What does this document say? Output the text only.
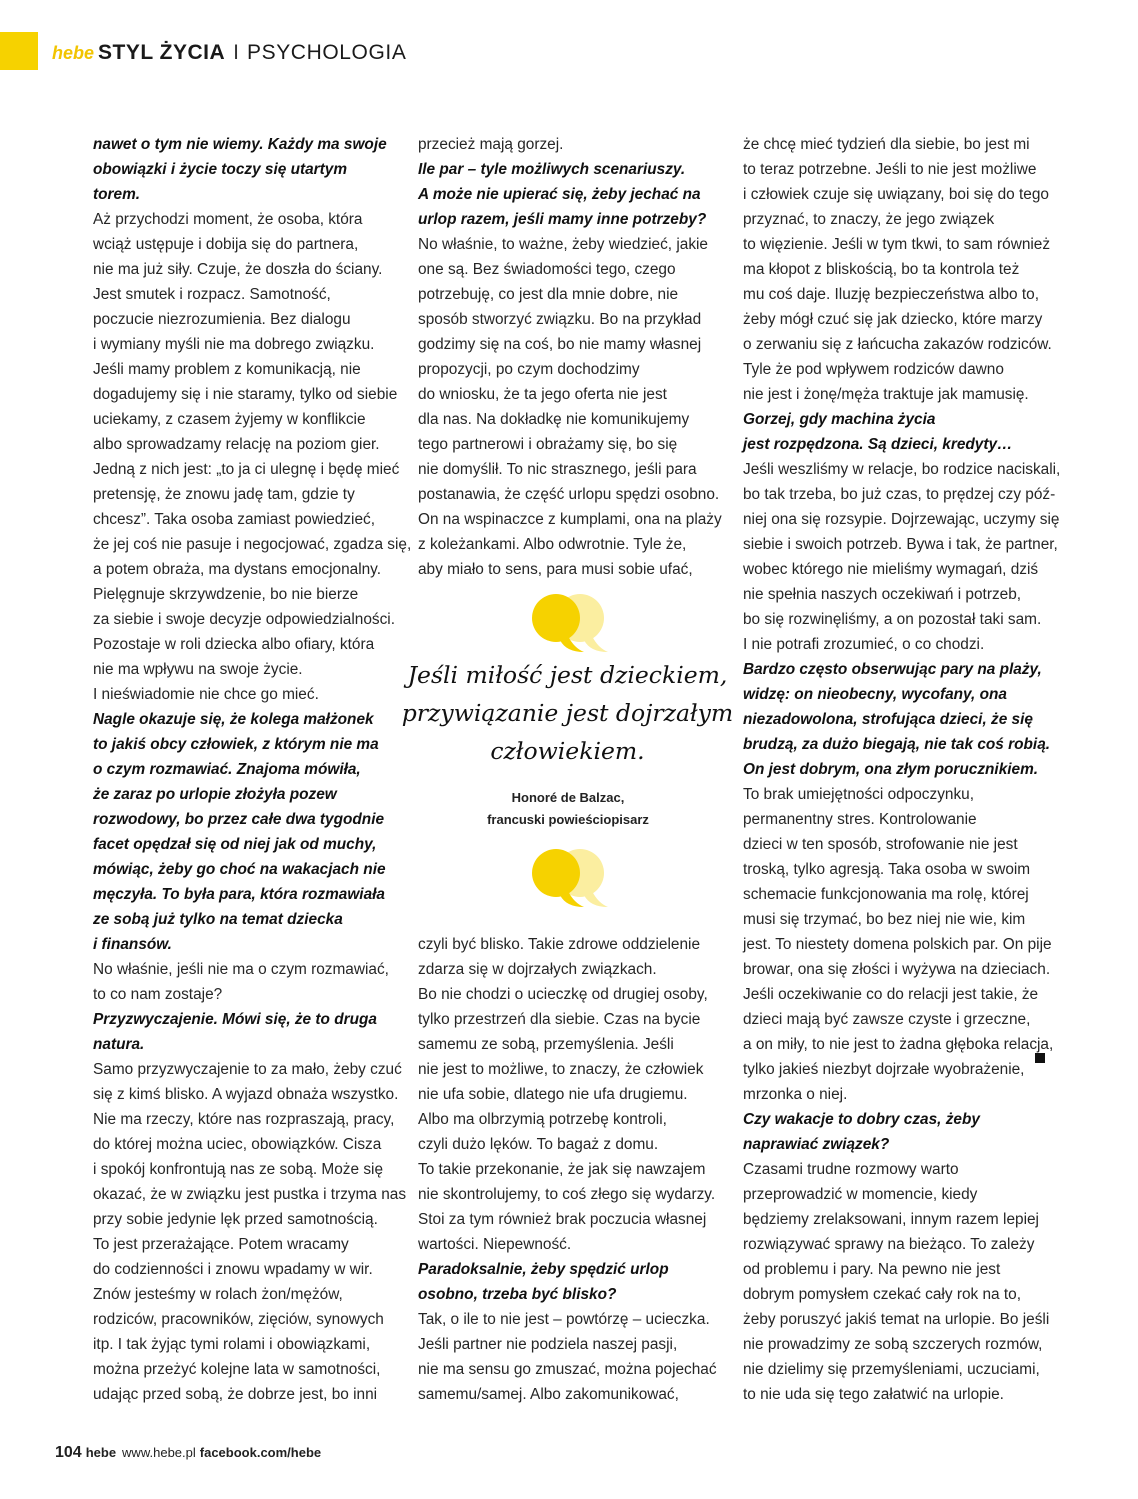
hebe STYL ŻYCIA I PSYCHOLOGIA

nawet o tym nie wiemy. Każdy ma swoje

obowiązki i życie toczy się utartym

torem.

Aż przychodzi moment, że osoba, która

wciąż ustępuje i dobija się do partnera,

nie ma już siły. Czuje, że doszła do ściany.

Jest smutek i rozpacz. Samotność,

poczucie niezrozumienia. Bez dialogu

i wymiany myśli nie ma dobrego związku.

Jeśli mamy problem z komunikacją, nie

dogadujemy się i nie staramy, tylko od siebie

uciekamy, z czasem żyjemy w konflikcie

albo sprowadzamy relację na poziom gier.

Jedną z nich jest: „to ja ci ulegnę i będę mieć

pretensję, że znowu jadę tam, gdzie ty

chcesz”. Taka osoba zamiast powiedzieć,

że jej coś nie pasuje i negocjować, zgadza się,

a potem obraża, ma dystans emocjonalny.

Pielęgnuje skrzywdzenie, bo nie bierze

za siebie i swoje decyzje odpowiedzialności.

Pozostaje w roli dziecka albo ofiary, która

nie ma wpływu na swoje życie.

I nieświadomie nie chce go mieć.

Nagle okazuje się, że kolega małżonek

to jakiś obcy człowiek, z którym nie ma

o czym rozmawiać. Znajoma mówiła,

że zaraz po urlopie złożyła pozew

rozwodowy, bo przez całe dwa tygodnie

facet opędzał się od niej jak od muchy,

mówiąc, żeby go choć na wakacjach nie

męczyła. To była para, która rozmawiała

ze sobą już tylko na temat dziecka

i finansów.

No właśnie, jeśli nie ma o czym rozmawiać,

to co nam zostaje?

Przyzwyczajenie. Mówi się, że to druga

natura.

Samo przyzwyczajenie to za mało, żeby czuć

się z kimś blisko. A wyjazd obnaża wszystko.

Nie ma rzeczy, które nas rozpraszają, pracy,

do której można uciec, obowiązków. Cisza

i spokój konfrontują nas ze sobą. Może się

okazać, że w związku jest pustka i trzyma nas

przy sobie jedynie lęk przed samotnością.

To jest przerażające. Potem wracamy

do codzienności i znowu wpadamy w wir.

Znów jesteśmy w rolach żon/mężów,

rodziców, pracowników, zięciów, synowych

itp. I tak żyjąc tymi rolami i obowiązkami,

można przeżyć kolejne lata w samotności,

udając przed sobą, że dobrze jest, bo inni

przecież mają gorzej.

Ile par – tyle możliwych scenariuszy.

A może nie upierać się, żeby jechać na

urlop razem, jeśli mamy inne potrzeby?

No właśnie, to ważne, żeby wiedzieć, jakie

one są. Bez świadomości tego, czego

potrzebuję, co jest dla mnie dobre, nie

sposób stworzyć związku. Bo na przykład

godzimy się na coś, bo nie mamy własnej

propozycji, po czym dochodzimy

do wniosku, że ta jego oferta nie jest

dla nas. Na dokładkę nie komunikujemy

tego partnerowi i obrażamy się, bo się

nie domyślił. To nic strasznego, jeśli para

postanawia, że część urlopu spędzi osobno.

On na wspinaczce z kumplami, ona na plaży

z koleżankami. Albo odwrotnie. Tyle że,

aby miało to sens, para musi sobie ufać,

Jeśli miłość jest dzieckiem,

przywiązanie jest dojrzałym

człowiekiem.

Honoré de Balzac,

francuski powieściopisarz

czyli być blisko. Takie zdrowe oddzielenie

zdarza się w dojrzałych związkach.

Bo nie chodzi o ucieczkę od drugiej osoby,

tylko przestrzeń dla siebie. Czas na bycie

samemu ze sobą, przemyślenia. Jeśli

nie jest to możliwe, to znaczy, że człowiek

nie ufa sobie, dlatego nie ufa drugiemu.

Albo ma olbrzymią potrzebę kontroli,

czyli dużo lęków. To bagaż z domu.

To takie przekonanie, że jak się nawzajem

nie skontrolujemy, to coś złego się wydarzy.

Stoi za tym również brak poczucia własnej

wartości. Niepewność.

Paradoksalnie, żeby spędzić urlop

osobno, trzeba być blisko?

Tak, o ile to nie jest – powtórzę – ucieczka.

Jeśli partner nie podziela naszej pasji,

nie ma sensu go zmuszać, można pojechać

samemu/samej. Albo zakomunikować,

że chcę mieć tydzień dla siebie, bo jest mi

to teraz potrzebne. Jeśli to nie jest możliwe

i człowiek czuje się uwiązany, boi się do tego

przyznać, to znaczy, że jego związek

to więzienie. Jeśli w tym tkwi, to sam również

ma kłopot z bliskością, bo ta kontrola też

mu coś daje. Iluzję bezpieczeństwa albo to,

żeby mógł czuć się jak dziecko, które marzy

o zerwaniu się z łańcucha zakazów rodziców.

Tyle że pod wpływem rodziców dawno

nie jest i żonę/męża traktuje jak mamusię.

Gorzej, gdy machina życia

jest rozpędzona. Są dzieci, kredyty…

Jeśli weszliśmy w relacje, bo rodzice naciskali,

bo tak trzeba, bo już czas, to prędzej czy póź-

niej ona się rozsypie. Dojrzewając, uczymy się

siebie i swoich potrzeb. Bywa i tak, że partner,

wobec którego nie mieliśmy wymagań, dziś

nie spełnia naszych oczekiwań i potrzeb,

bo się rozwinęliśmy, a on pozostał taki sam.

I nie potrafi zrozumieć, o co chodzi.

Bardzo często obserwując pary na plaży,

widzę: on nieobecny, wycofany, ona

niezadowolona, strofująca dzieci, że się

brudzą, za dużo biegają, nie tak coś robią.

On jest dobrym, ona złym porucznikiem.

To brak umiejętności odpoczynku,

permanentny stres. Kontrolowanie

dzieci w ten sposób, strofowanie nie jest

troską, tylko agresją. Taka osoba w swoim

schemacie funkcjonowania ma rolę, której

musi się trzymać, bo bez niej nie wie, kim

jest. To niestety domena polskich par. On pije

browar, ona się złości i wyżywa na dzieciach.

Jeśli oczekiwanie co do relacji jest takie, że

dzieci mają być zawsze czyste i grzeczne,

a on miły, to nie jest to żadna głęboka relacja,

tylko jakieś niezbyt dojrzałe wyobrażenie,

mrzonka o niej.

Czy wakacje to dobry czas, żeby

naprawiać związek?

Czasami trudne rozmowy warto

przeprowadzić w momencie, kiedy

będziemy zrelaksowani, innym razem lepiej

rozwiązywać sprawy na bieżąco. To zależy

od problemu i pary. Na pewno nie jest

dobrym pomysłem czekać cały rok na to,

żeby poruszyć jakiś temat na urlopie. Bo jeśli

nie prowadzimy ze sobą szczerych rozmów,

nie dzielimy się przemyśleniami, uczuciami,

to nie uda się tego załatwić na urlopie.

104 hebe www.hebe.pl facebook.com/hebe
